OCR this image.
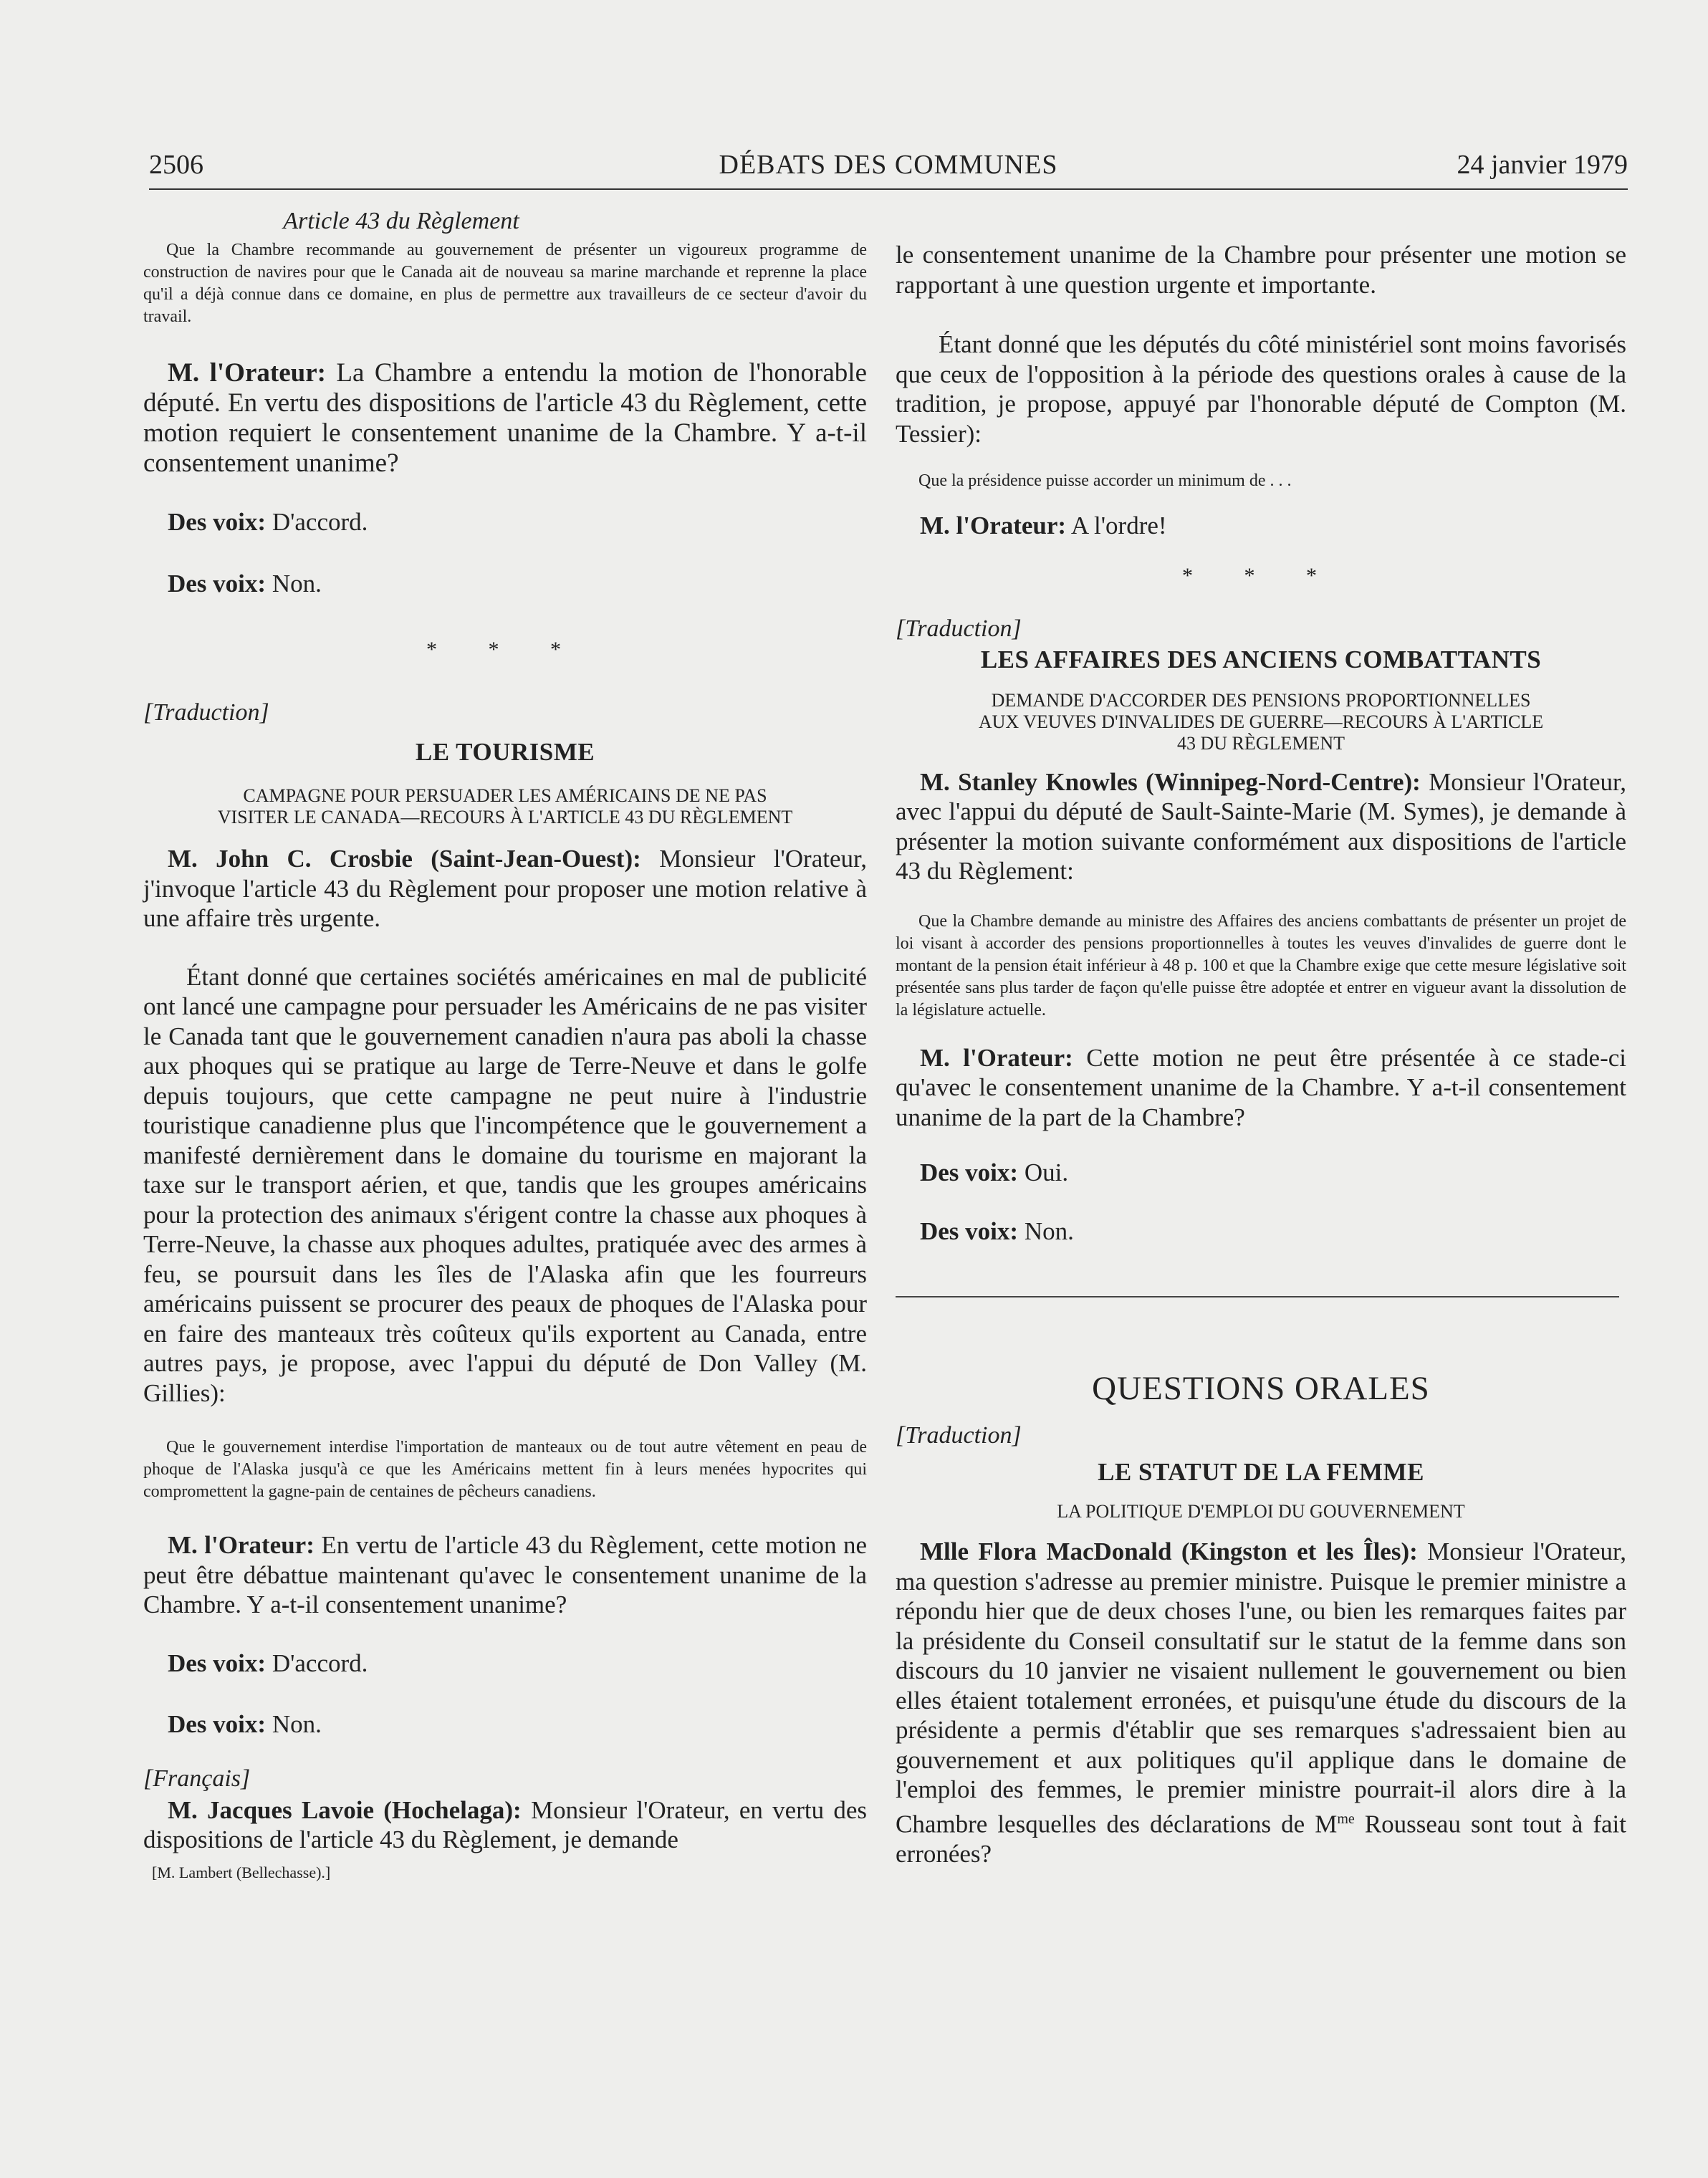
2506	DÉBATS DES COMMUNES	24 janvier 1979

Article 43 du Règlement

Que la Chambre recommande au gouvernement de présenter un vigoureux programme de construction de navires pour que le Canada ait de nouveau sa marine marchande et reprenne la place qu'il a déjà connue dans ce domaine, en plus de permettre aux travailleurs de ce secteur d'avoir du travail.

M. l'Orateur: La Chambre a entendu la motion de l'honorable député. En vertu des dispositions de l'article 43 du Règlement, cette motion requiert le consentement unanime de la Chambre. Y a-t-il consentement unanime?

Des voix: D'accord.

Des voix: Non.

* * *

[Traduction]

LE TOURISME

CAMPAGNE POUR PERSUADER LES AMÉRICAINS DE NE PAS

VISITER LE CANADA—RECOURS À L'ARTICLE 43 DU RÈGLEMENT

M. John C. Crosbie (Saint-Jean-Ouest): Monsieur l'Orateur, j'invoque l'article 43 du Règlement pour proposer une motion relative à une affaire très urgente.

Étant donné que certaines sociétés américaines en mal de publicité ont lancé une campagne pour persuader les Américains de ne pas visiter le Canada tant que le gouvernement canadien n'aura pas aboli la chasse aux phoques qui se pratique au large de Terre-Neuve et dans le golfe depuis toujours, que cette campagne ne peut nuire à l'industrie touristique canadienne plus que l'incompétence que le gouvernement a manifesté dernièrement dans le domaine du tourisme en majorant la taxe sur le transport aérien, et que, tandis que les groupes américains pour la protection des animaux s'érigent contre la chasse aux phoques à Terre-Neuve, la chasse aux phoques adultes, pratiquée avec des armes à feu, se poursuit dans les îles de l'Alaska afin que les fourreurs américains puissent se procurer des peaux de phoques de l'Alaska pour en faire des manteaux très coûteux qu'ils exportent au Canada, entre autres pays, je propose, avec l'appui du député de Don Valley (M. Gillies):

Que le gouvernement interdise l'importation de manteaux ou de tout autre vêtement en peau de phoque de l'Alaska jusqu'à ce que les Américains mettent fin à leurs menées hypocrites qui compromettent la gagne-pain de centaines de pêcheurs canadiens.

M. l'Orateur: En vertu de l'article 43 du Règlement, cette motion ne peut être débattue maintenant qu'avec le consentement unanime de la Chambre. Y a-t-il consentement unanime?

Des voix: D'accord.

Des voix: Non.

[Français]

M. Jacques Lavoie (Hochelaga): Monsieur l'Orateur, en vertu des dispositions de l'article 43 du Règlement, je demande

[M. Lambert (Bellechasse).]

le consentement unanime de la Chambre pour présenter une motion se rapportant à une question urgente et importante.

Étant donné que les députés du côté ministériel sont moins favorisés que ceux de l'opposition à la période des questions orales à cause de la tradition, je propose, appuyé par l'honorable député de Compton (M. Tessier):

Que la présidence puisse accorder un minimum de . . .

M. l'Orateur: A l'ordre!

* * *

[Traduction]

LES AFFAIRES DES ANCIENS COMBATTANTS

DEMANDE D'ACCORDER DES PENSIONS PROPORTIONNELLES

AUX VEUVES D'INVALIDES DE GUERRE—RECOURS À L'ARTICLE

43 DU RÈGLEMENT

M. Stanley Knowles (Winnipeg-Nord-Centre): Monsieur l'Orateur, avec l'appui du député de Sault-Sainte-Marie (M. Symes), je demande à présenter la motion suivante conformément aux dispositions de l'article 43 du Règlement:

Que la Chambre demande au ministre des Affaires des anciens combattants de présenter un projet de loi visant à accorder des pensions proportionnelles à toutes les veuves d'invalides de guerre dont le montant de la pension était inférieur à 48 p. 100 et que la Chambre exige que cette mesure législative soit présentée sans plus tarder de façon qu'elle puisse être adoptée et entrer en vigueur avant la dissolution de la législature actuelle.

M. l'Orateur: Cette motion ne peut être présentée à ce stade-ci qu'avec le consentement unanime de la Chambre. Y a-t-il consentement unanime de la part de la Chambre?

Des voix: Oui.

Des voix: Non.

QUESTIONS ORALES

[Traduction]

LE STATUT DE LA FEMME

LA POLITIQUE D'EMPLOI DU GOUVERNEMENT

Mlle Flora MacDonald (Kingston et les Îles): Monsieur l'Orateur, ma question s'adresse au premier ministre. Puisque le premier ministre a répondu hier que de deux choses l'une, ou bien les remarques faites par la présidente du Conseil consultatif sur le statut de la femme dans son discours du 10 janvier ne visaient nullement le gouvernement ou bien elles étaient totalement erronées, et puisqu'une étude du discours de la présidente a permis d'établir que ses remarques s'adressaient bien au gouvernement et aux politiques qu'il applique dans le domaine de l'emploi des femmes, le premier ministre pourrait-il alors dire à la Chambre lesquelles des déclarations de $M^{me}$ Rousseau sont tout à fait erronées?
